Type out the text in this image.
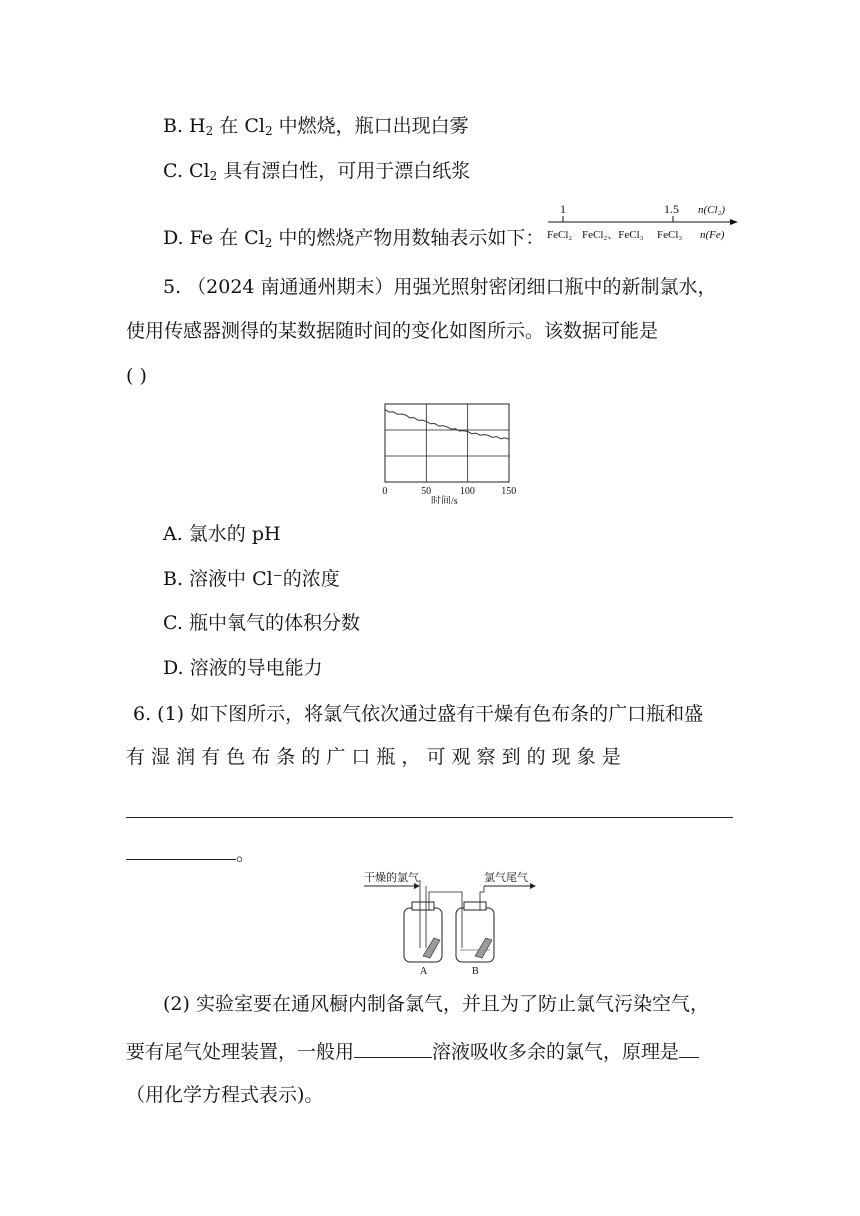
B. $H_2$ 在 $Cl_2$ 中燃烧，瓶口出现白雾
C. $Cl_2$ 具有漂白性，可用于漂白纸浆
D. Fe 在 $Cl_2$ 中的燃烧产物用数轴表示如下：
1	1.5 n(Cl₂)
FeCl₂ FeCl₂、FeCl₃ FeCl₃ n(Fe)
5. （2024 南通通州期末）用强光照射密闭细口瓶中的新制氯水，
使用传感器测得的某数据随时间的变化如图所示。该数据可能是
( )
0	50	100	150
时间/s
A. 氯水的 pH
B. 溶液中 Cl⁻的浓度
C. 瓶中氧气的体积分数
D. 溶液的导电能力
6. (1) 如下图所示，将氯气依次通过盛有干燥有色布条的广口瓶和盛
有 湿 润 有 色 布 条 的 广 口 瓶 ， 可 观 察 到 的 现 象 是
。
干燥的氯气	氯气尾气
A	B
(2) 实验室要在通风橱内制备氯气，并且为了防止氯气污染空气，
要有尾气处理装置，一般用	溶液吸收多余的氯气，原理是
（用化学方程式表示)。
